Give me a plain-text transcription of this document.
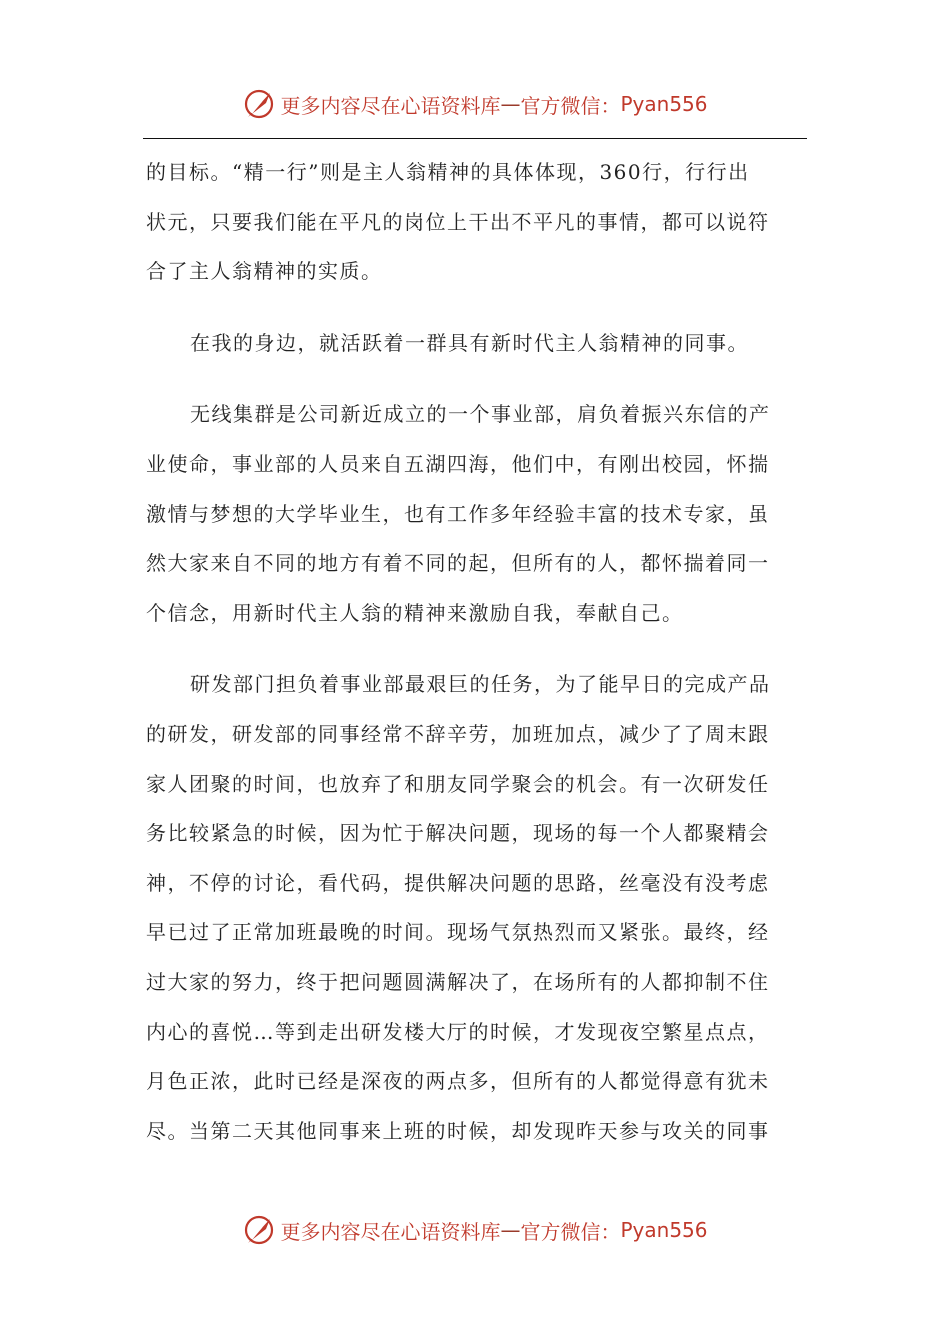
更多内容尽在心语资料库 — 官方微信： Pyan556
的目标。“精一行”则是主人翁精神的具体体现，360行，行行出
状元，只要我们能在平凡的岗位上干出不平凡的事情，都可以说符
合了主人翁精神的实质。
在我的身边，就活跃着一群具有新时代主人翁精神的同事。
无线集群是公司新近成立的一个事业部，肩负着振兴东信的产
业使命，事业部的人员来自五湖四海，他们中，有刚出校园，怀揣
激情与梦想的大学毕业生，也有工作多年经验丰富的技术专家，虽
然大家来自不同的地方有着不同的起，但所有的人，都怀揣着同一
个信念，用新时代主人翁的精神来激励自我，奉献自己。
研发部门担负着事业部最艰巨的任务，为了能早日的完成产品
的研发，研发部的同事经常不辞辛劳，加班加点，减少了了周末跟
家人团聚的时间，也放弃了和朋友同学聚会的机会。有一次研发任
务比较紧急的时候，因为忙于解决问题，现场的每一个人都聚精会
神，不停的讨论，看代码，提供解决问题的思路，丝毫没有没考虑
早已过了正常加班最晚的时间。现场气氛热烈而又紧张。最终，经
过大家的努力，终于把问题圆满解决了，在场所有的人都抑制不住
内心的喜悦…等到走出研发楼大厅的时候，才发现夜空繁星点点，
月色正浓，此时已经是深夜的两点多，但所有的人都觉得意有犹未
尽。当第二天其他同事来上班的时候，却发现昨天参与攻关的同事
更多内容尽在心语资料库 — 官方微信： Pyan556
